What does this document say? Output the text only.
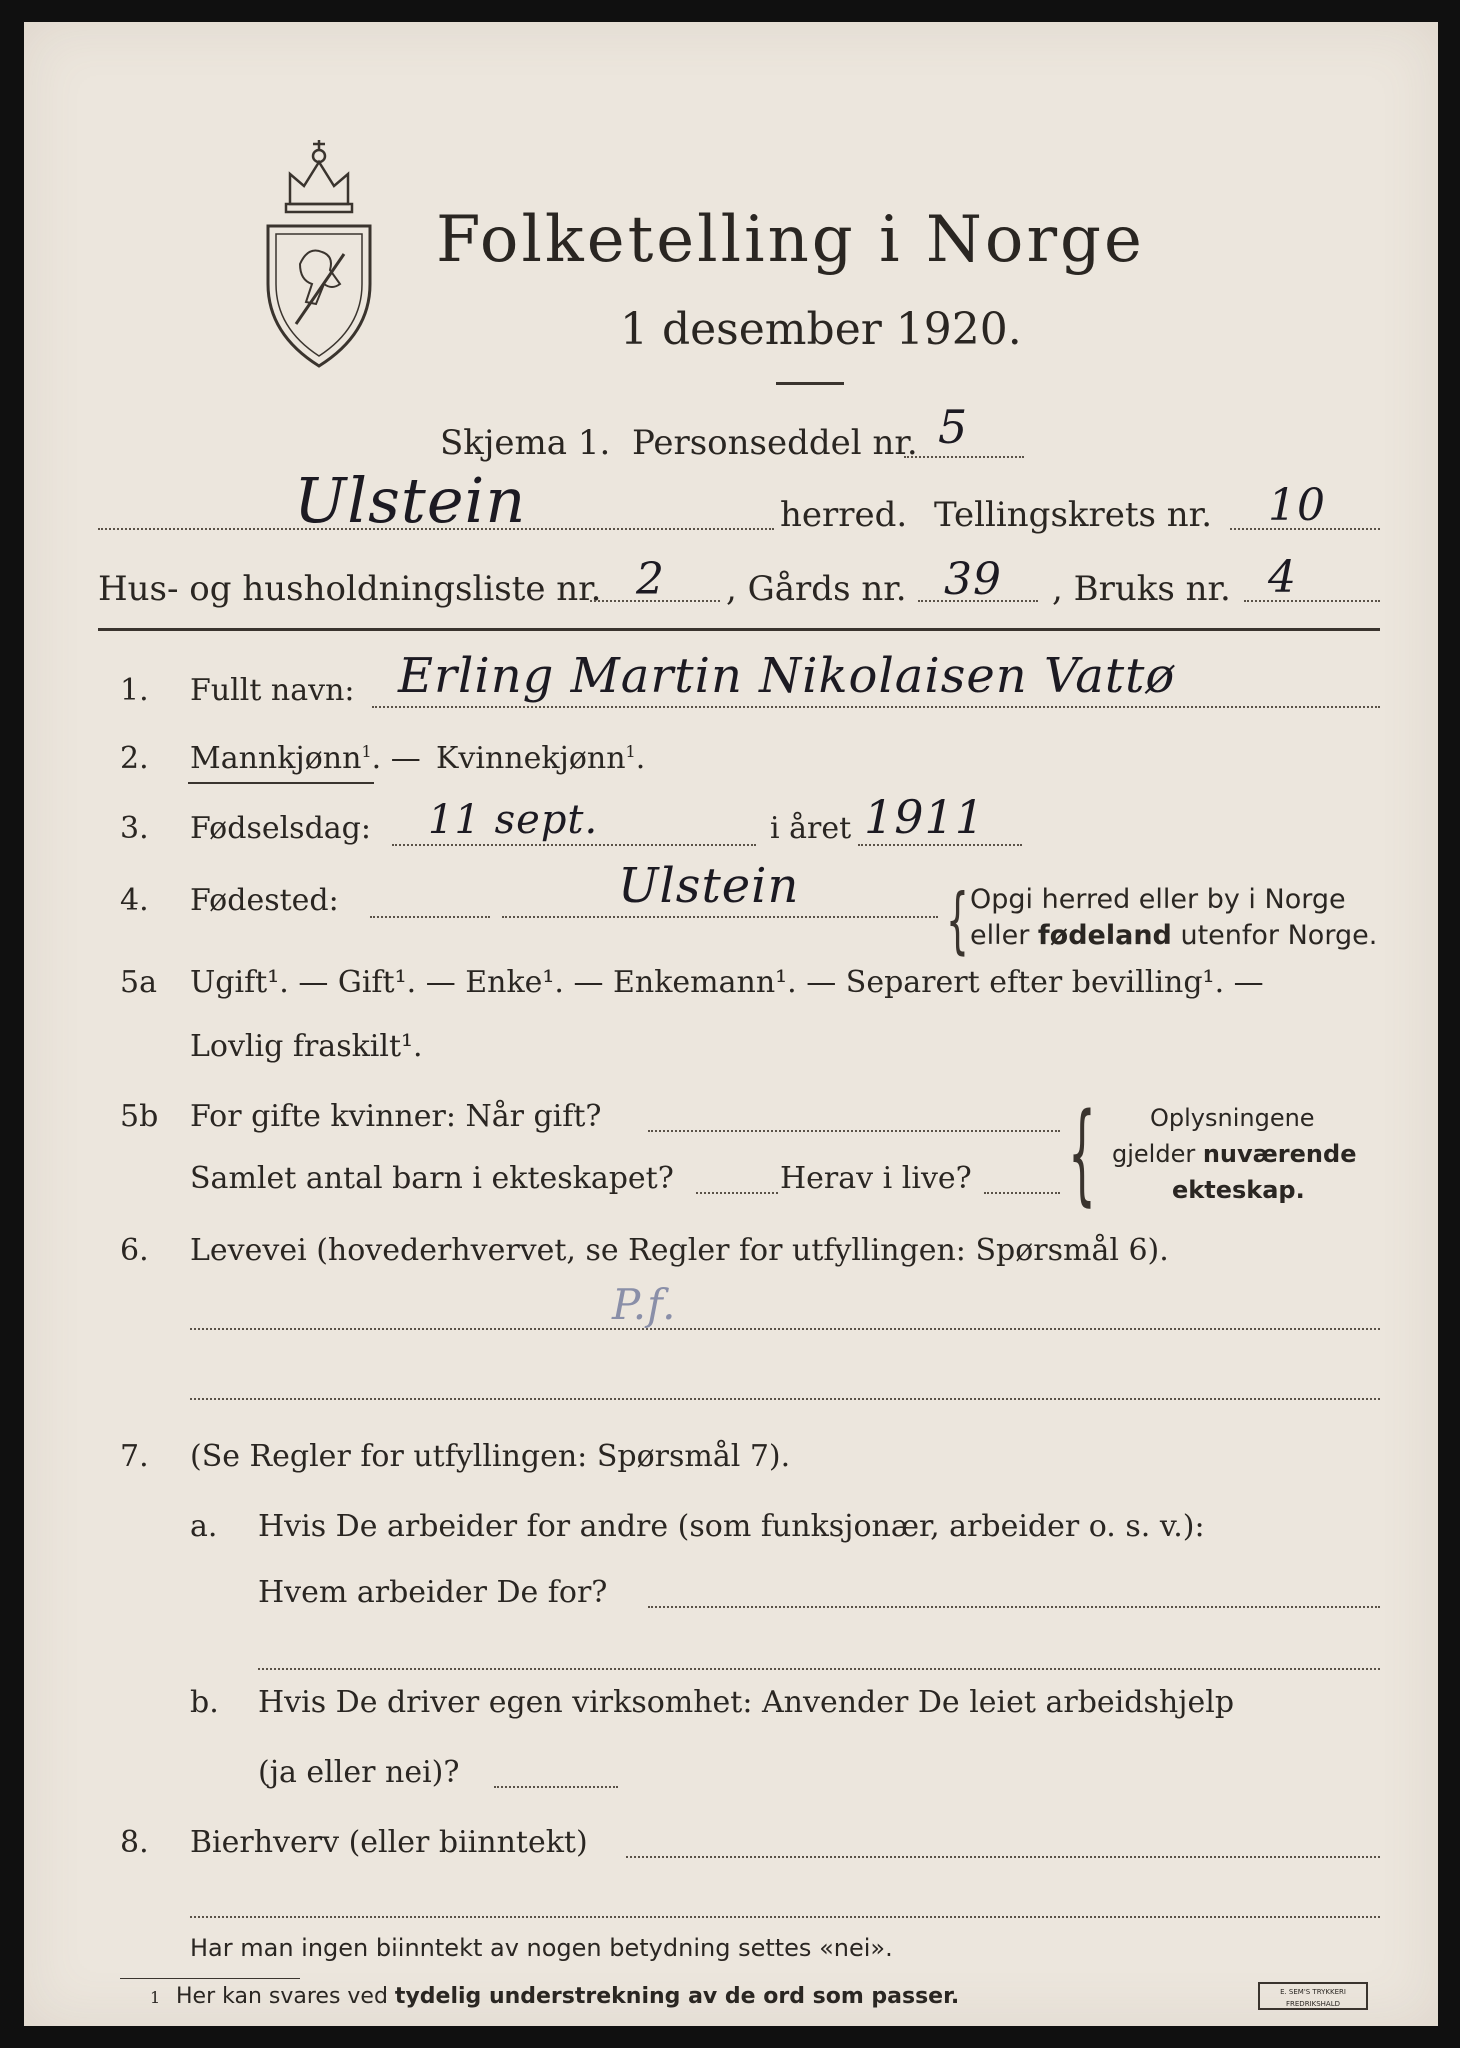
Folketelling i Norge
1 desember 1920.
Skjema 1. Personseddel nr. 5
Ulstein	herred. Tellingskrets nr. 10
Hus- og husholdningsliste nr. 2 , Gårds nr. 39 , Bruks nr. 4
1. Fullt navn: Erling Martin Nikolaisen Vattø
2. Mannkjønn$^1$. — Kvinnekjønn$^1$.
3. Fødselsdag: 11 sept.	i året 1911
4. Fødested:	Ulstein { Opgi herred eller by i Norge
eller fødeland utenfor Norge.
5a Ugift¹. — Gift¹. — Enke¹. — Enkemann¹. — Separert efter bevilling¹. —
Lovlig fraskilt¹.
5b For gifte kvinner: Når gift?
Samlet antal barn i ekteskapet?	Herav i live? { Oplysningene
gjelder nuværende
ekteskap.
6. Levevei (hovederhvervet, se Regler for utfyllingen: Spørsmål 6).
P.f.
7. (Se Regler for utfyllingen: Spørsmål 7).
a. Hvis De arbeider for andre (som funksjonær, arbeider o. s. v.):
Hvem arbeider De for?
b. Hvis De driver egen virksomhet: Anvender De leiet arbeidshjelp
(ja eller nei)?
8. Bierhverv (eller biinntekt)
Har man ingen biinntekt av nogen betydning settes «nei».
1 Her kan svares ved tydelig understrekning av de ord som passer.	E. SEM'S TRYKKERI FREDRIKSHALD
